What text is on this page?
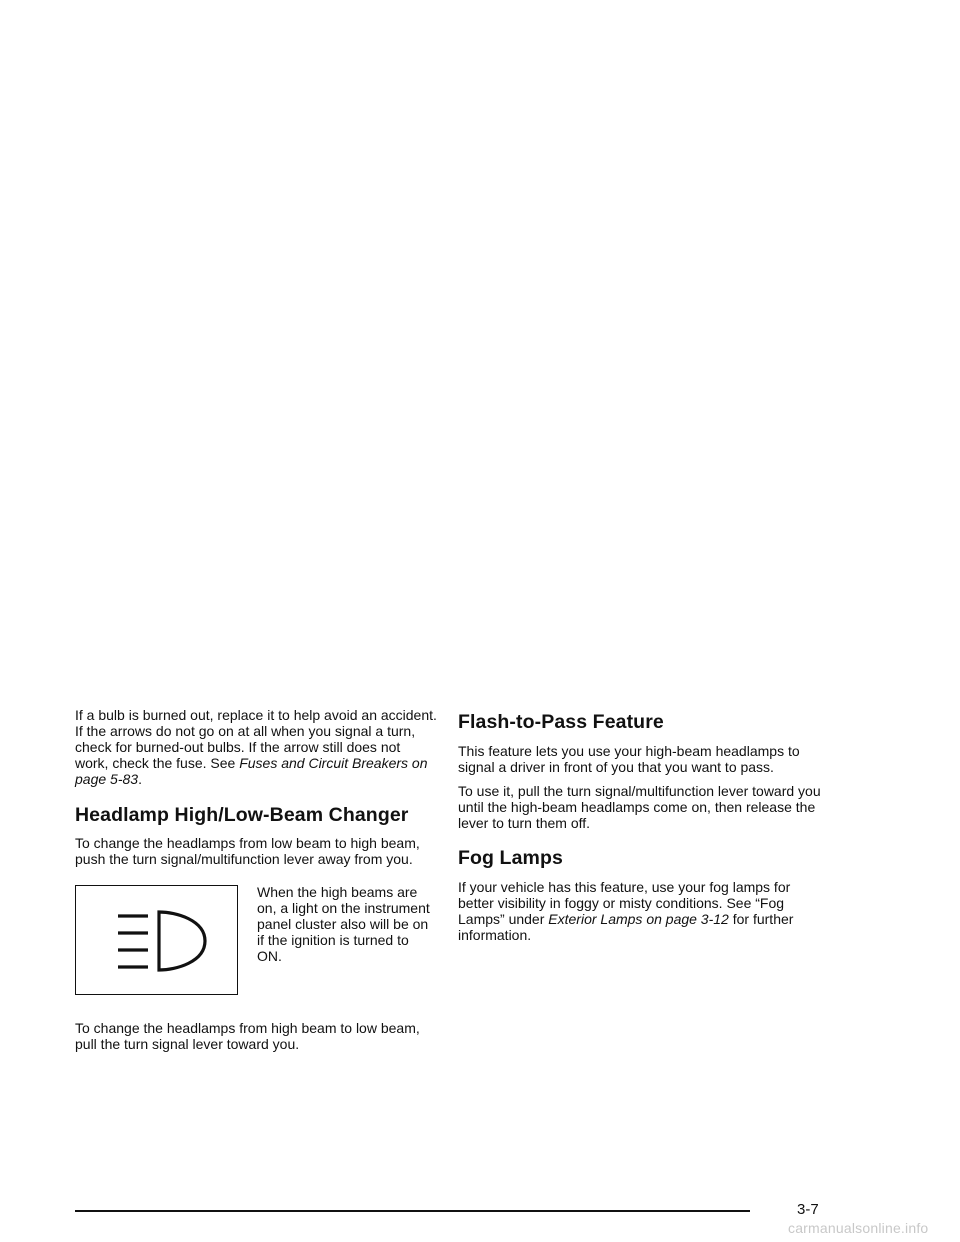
If a bulb is burned out, replace it to help avoid an accident. If the arrows do not go on at all when you signal a turn, check for burned-out bulbs. If the arrow still does not work, check the fuse. See Fuses and Circuit Breakers on page 5-83.

Headlamp High/Low-Beam Changer

To change the headlamps from low beam to high beam, push the turn signal/multifunction lever away from you.

When the high beams are on, a light on the instrument panel cluster also will be on if the ignition is turned to ON.

To change the headlamps from high beam to low beam, pull the turn signal lever toward you.

Flash-to-Pass Feature

This feature lets you use your high-beam headlamps to signal a driver in front of you that you want to pass.

To use it, pull the turn signal/multifunction lever toward you until the high-beam headlamps come on, then release the lever to turn them off.

Fog Lamps

If your vehicle has this feature, use your fog lamps for better visibility in foggy or misty conditions. See “Fog Lamps” under Exterior Lamps on page 3-12 for further information.

3-7
carmanualsonline.info
